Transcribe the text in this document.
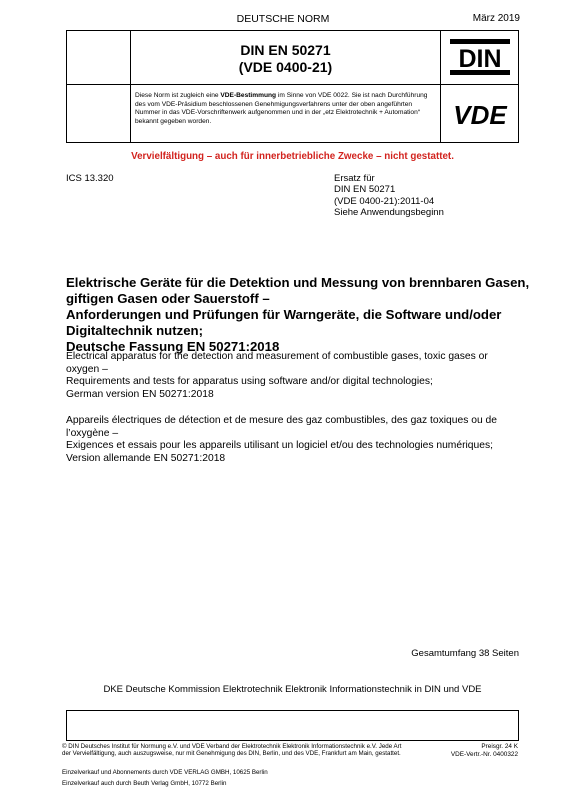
DEUTSCHE NORM	März 2019
DIN EN 50271
(VDE 0400-21)	DIN
VDE
Diese Norm ist zugleich eine VDE-Bestimmung im Sinne von VDE 0022. Sie ist nach Durchführung des vom VDE-Präsidium beschlossenen Genehmigungsverfahrens unter der oben angeführten Nummer in das VDE-Vorschriftenwerk aufgenommen und in der „etz Elektrotechnik + Automation“ bekannt gegeben worden.
Vervielfältigung – auch für innerbetriebliche Zwecke – nicht gestattet.
ICS 13.320	Ersatz für
DIN EN 50271
(VDE 0400-21):2011-04
Siehe Anwendungsbeginn
Elektrische Geräte für die Detektion und Messung von brennbaren Gasen,
giftigen Gasen oder Sauerstoff –
Anforderungen und Prüfungen für Warngeräte, die Software und/oder
Digitaltechnik nutzen;
Deutsche Fassung EN 50271:2018
Electrical apparatus for the detection and measurement of combustible gases, toxic gases or
oxygen –
Requirements and tests for apparatus using software and/or digital technologies;
German version EN 50271:2018
Appareils électriques de détection et de mesure des gaz combustibles, des gaz toxiques ou de
l’oxygène –
Exigences et essais pour les appareils utilisant un logiciel et/ou des technologies numériques;
Version allemande EN 50271:2018
Gesamtumfang 38 Seiten
DKE Deutsche Kommission Elektrotechnik Elektronik Informationstechnik in DIN und VDE
© DIN Deutsches Institut für Normung e.V. und VDE Verband der Elektrotechnik Elektronik Informationstechnik e.V. Jede Art der Vervielfältigung, auch auszugsweise, nur mit Genehmigung des DIN, Berlin, und des VDE, Frankfurt am Main, gestattet.
Preisgr. 24 K
VDE-Vertr.-Nr. 0400322
Einzelverkauf und Abonnements durch VDE VERLAG GMBH, 10625 Berlin
Einzelverkauf auch durch Beuth Verlag GmbH, 10772 Berlin
